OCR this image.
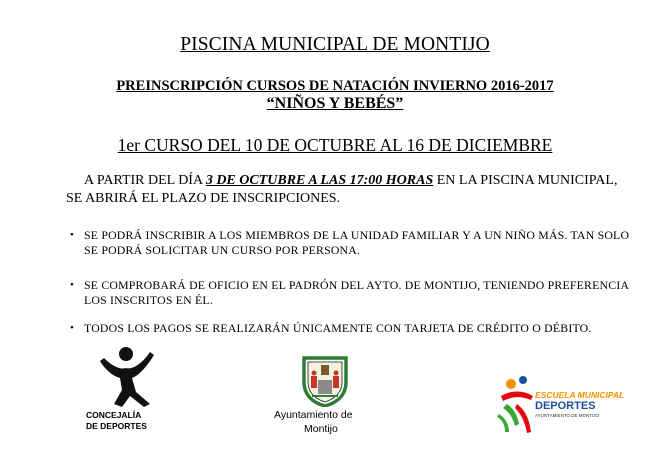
PISCINA MUNICIPAL DE MONTIJO
PREINSCRIPCIÓN CURSOS DE NATACIÓN INVIERNO 2016-2017
“NIÑOS Y BEBÉS”
1er CURSO DEL 10 DE OCTUBRE AL 16 DE DICIEMBRE
A PARTIR DEL DÍA 3 DE OCTUBRE A LAS 17:00 HORAS EN LA PISCINA MUNICIPAL, SE ABRIRÁ EL PLAZO DE INSCRIPCIONES.
• SE PODRÁ INSCRIBIR A LOS MIEMBROS DE LA UNIDAD FAMILIAR Y A UN NIÑO MÁS. TAN SOLO SE PODRÁ SOLICITAR UN CURSO POR PERSONA.
• SE COMPROBARÁ DE OFICIO EN EL PADRÓN DEL AYTO. DE MONTIJO, TENIENDO PREFERENCIA LOS INSCRITOS EN ÉL.
• TODOS LOS PAGOS SE REALIZARÁN ÚNICAMENTE CON TARJETA DE CRÉDITO O DÉBITO.
CONCEJALÍA
DE DEPORTES
Ayuntamiento de
Montijo
ESCUELA MUNICIPAL
DEPORTES
AYUNTAMIENTO DE MONTIJO
